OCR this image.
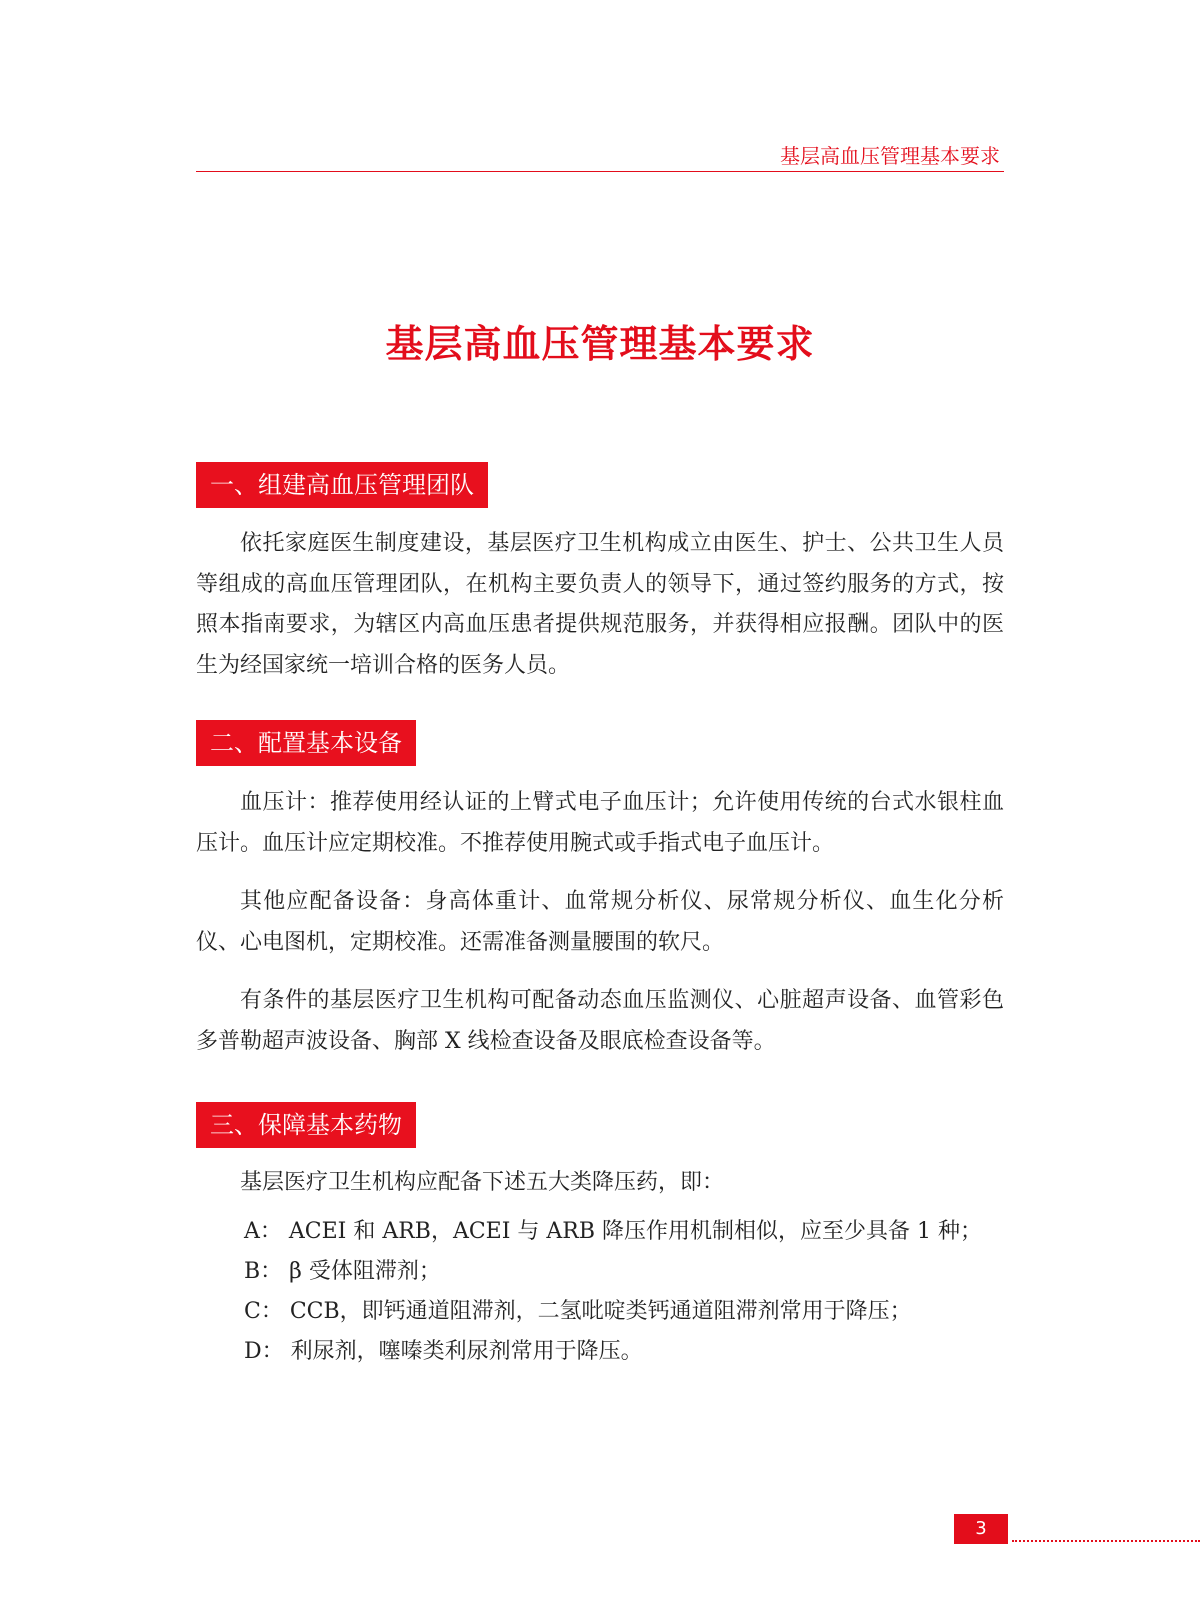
基层高血压管理基本要求
基层高血压管理基本要求
一、组建高血压管理团队

依托家庭医生制度建设，基层医疗卫生机构成立由医生、护士、公共卫生人员等组成的高血压管理团队，在机构主要负责人的领导下，通过签约服务的方式，按照本指南要求，为辖区内高血压患者提供规范服务，并获得相应报酬。团队中的医生为经国家统一培训合格的医务人员。

二、配置基本设备

血压计：推荐使用经认证的上臂式电子血压计；允许使用传统的台式水银柱血压计。血压计应定期校准。不推荐使用腕式或手指式电子血压计。

其他应配备设备：身高体重计、血常规分析仪、尿常规分析仪、血生化分析仪、心电图机，定期校准。还需准备测量腰围的软尺。

有条件的基层医疗卫生机构可配备动态血压监测仪、心脏超声设备、血管彩色多普勒超声波设备、胸部 X 线检查设备及眼底检查设备等。

三、保障基本药物

基层医疗卫生机构应配备下述五大类降压药，即：

A： ACEI 和 ARB，ACEI 与 ARB 降压作用机制相似，应至少具备 1 种；

B： β 受体阻滞剂；

C： CCB，即钙通道阻滞剂，二氢吡啶类钙通道阻滞剂常用于降压；

D： 利尿剂，噻嗪类利尿剂常用于降压。

3
